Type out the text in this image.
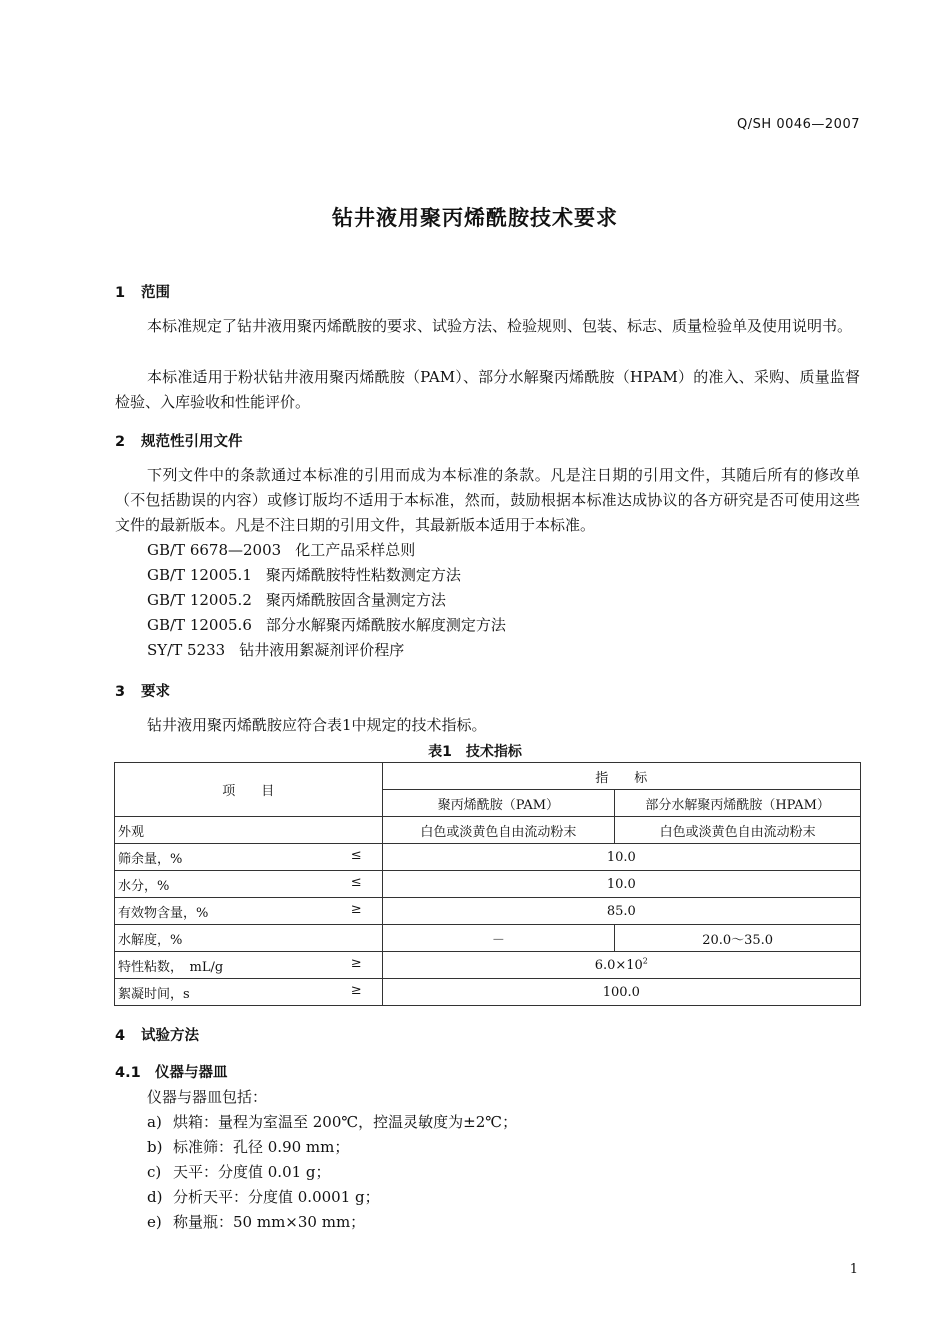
Q/SH 0046—2007
钻井液用聚丙烯酰胺技术要求
1 范围
本标准规定了钻井液用聚丙烯酰胺的要求、试验方法、检验规则、包装、标志、质量检验单及使用说明书。
本标准适用于粉状钻井液用聚丙烯酰胺（PAM）、部分水解聚丙烯酰胺（HPAM）的准入、采购、质量监督检验、入库验收和性能评价。
2 规范性引用文件
下列文件中的条款通过本标准的引用而成为本标准的条款。凡是注日期的引用文件，其随后所有的修改单（不包括勘误的内容）或修订版均不适用于本标准，然而，鼓励根据本标准达成协议的各方研究是否可使用这些文件的最新版本。凡是不注日期的引用文件，其最新版本适用于本标准。
GB/T 6678—2003 化工产品采样总则
GB/T 12005.1 聚丙烯酰胺特性粘数测定方法
GB/T 12005.2 聚丙烯酰胺固含量测定方法
GB/T 12005.6 部分水解聚丙烯酰胺水解度测定方法
SY/T 5233 钻井液用絮凝剂评价程序
3 要求
钻井液用聚丙烯酰胺应符合表1中规定的技术指标。
表1　技术指标
项　　目	指　　标	
	聚丙烯酰胺（PAM）	部分水解聚丙烯酰胺（HPAM）
外观	白色或淡黄色自由流动粉末	白色或淡黄色自由流动粉末
筛余量，% ≤	10.0	
水分，% ≤	10.0	
有效物含量，% ≥	85.0	
水解度，%	－	20.0～35.0
特性粘数，　mL/g ≥	$6.0\times 10^2$
絮凝时间，s ≥	100.0	
4 试验方法
4.1 仪器与器皿
仪器与器皿包括：
a) 烘箱：量程为室温至 200℃，控温灵敏度为±2℃；
b) 标准筛：孔径 0.90 mm；
c) 天平：分度值 0.01 g；
d) 分析天平：分度值 0.0001 g；
e) 称量瓶：50 mm×30 mm；
1
